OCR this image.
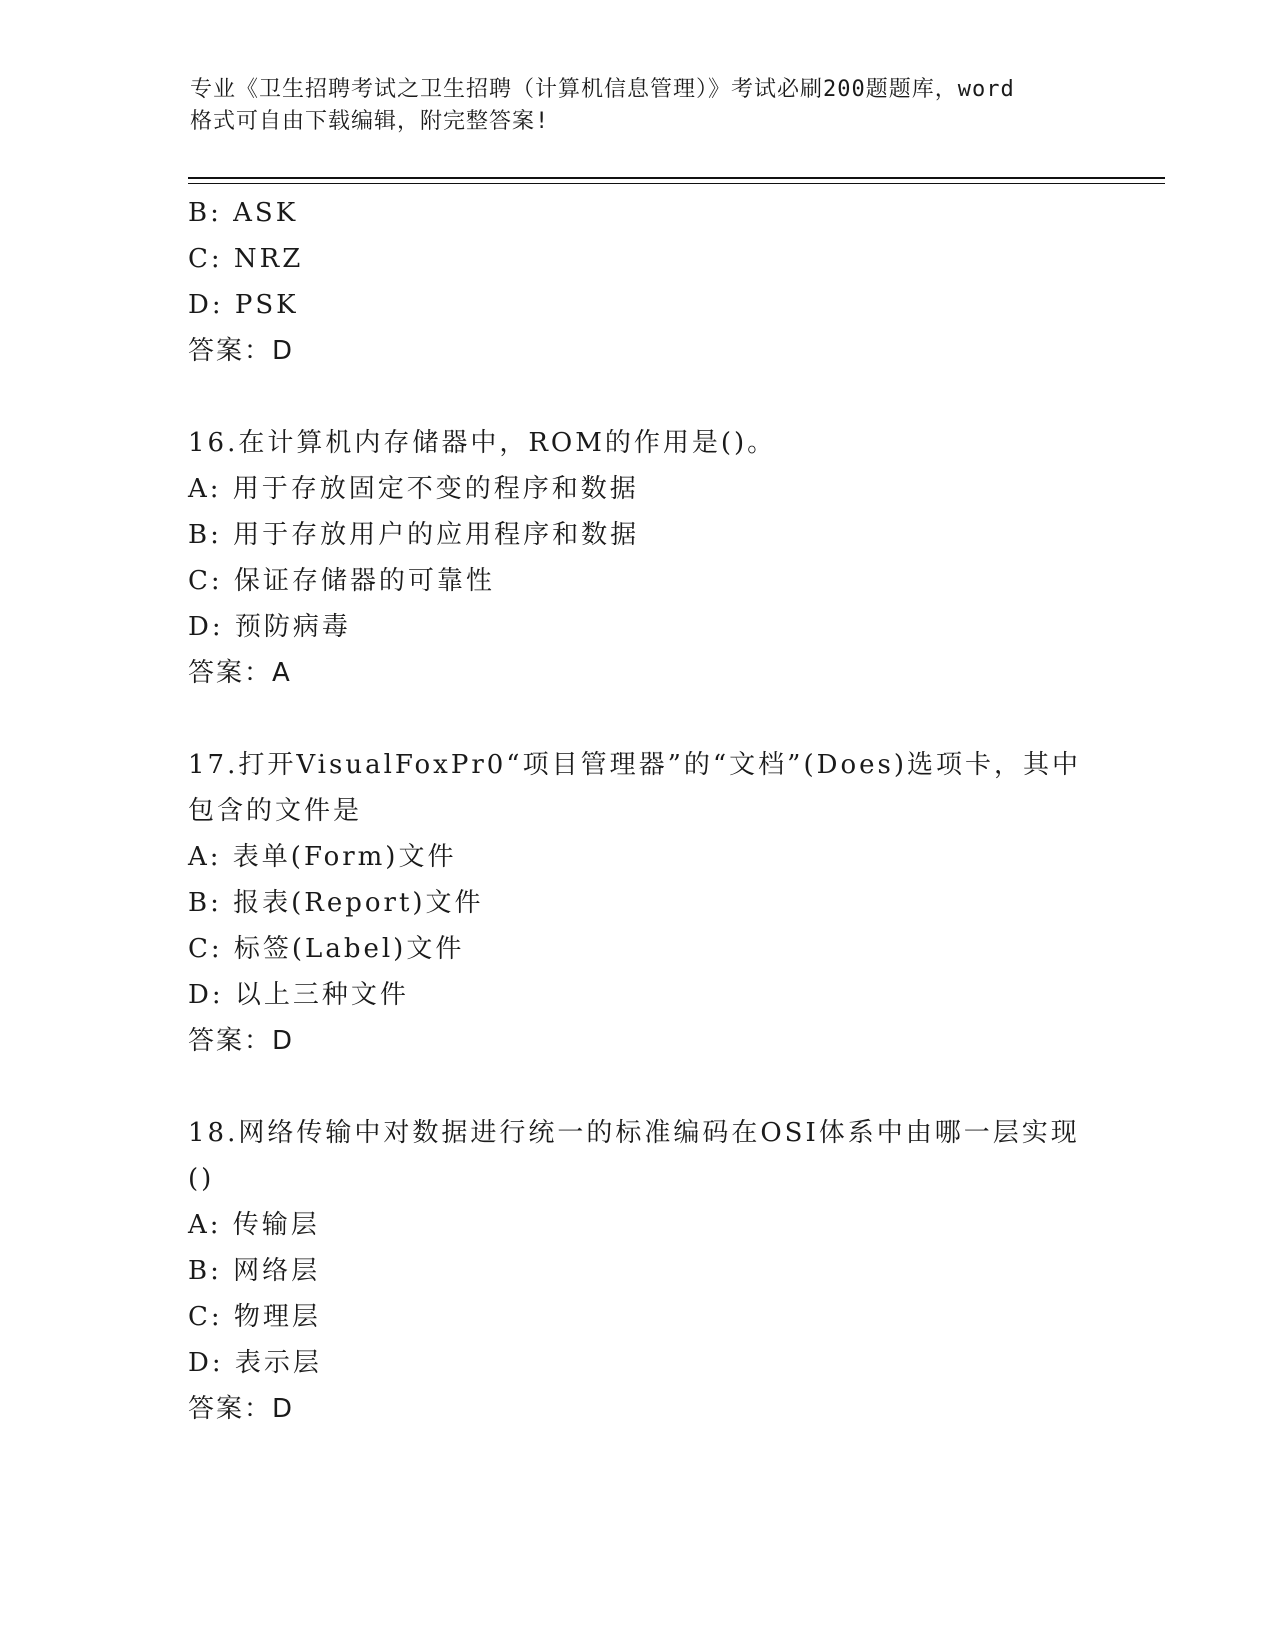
专业《卫生招聘考试之卫生招聘（计算机信息管理）》考试必刷200题题库，word
格式可自由下载编辑，附完整答案!
B: ASK
C: NRZ
D: PSK
答案：D
16.在计算机内存储器中，ROM的作用是()。
A: 用于存放固定不变的程序和数据
B: 用于存放用户的应用程序和数据
C: 保证存储器的可靠性
D: 预防病毒
答案：A
17.打开VisualFoxPr0“项目管理器”的“文档”(Does)选项卡，其中
包含的文件是
A: 表单(Form)文件
B: 报表(Report)文件
C: 标签(Label)文件
D: 以上三种文件
答案：D
18.网络传输中对数据进行统一的标准编码在OSI体系中由哪一层实现
()
A: 传输层
B: 网络层
C: 物理层
D: 表示层
答案：D
